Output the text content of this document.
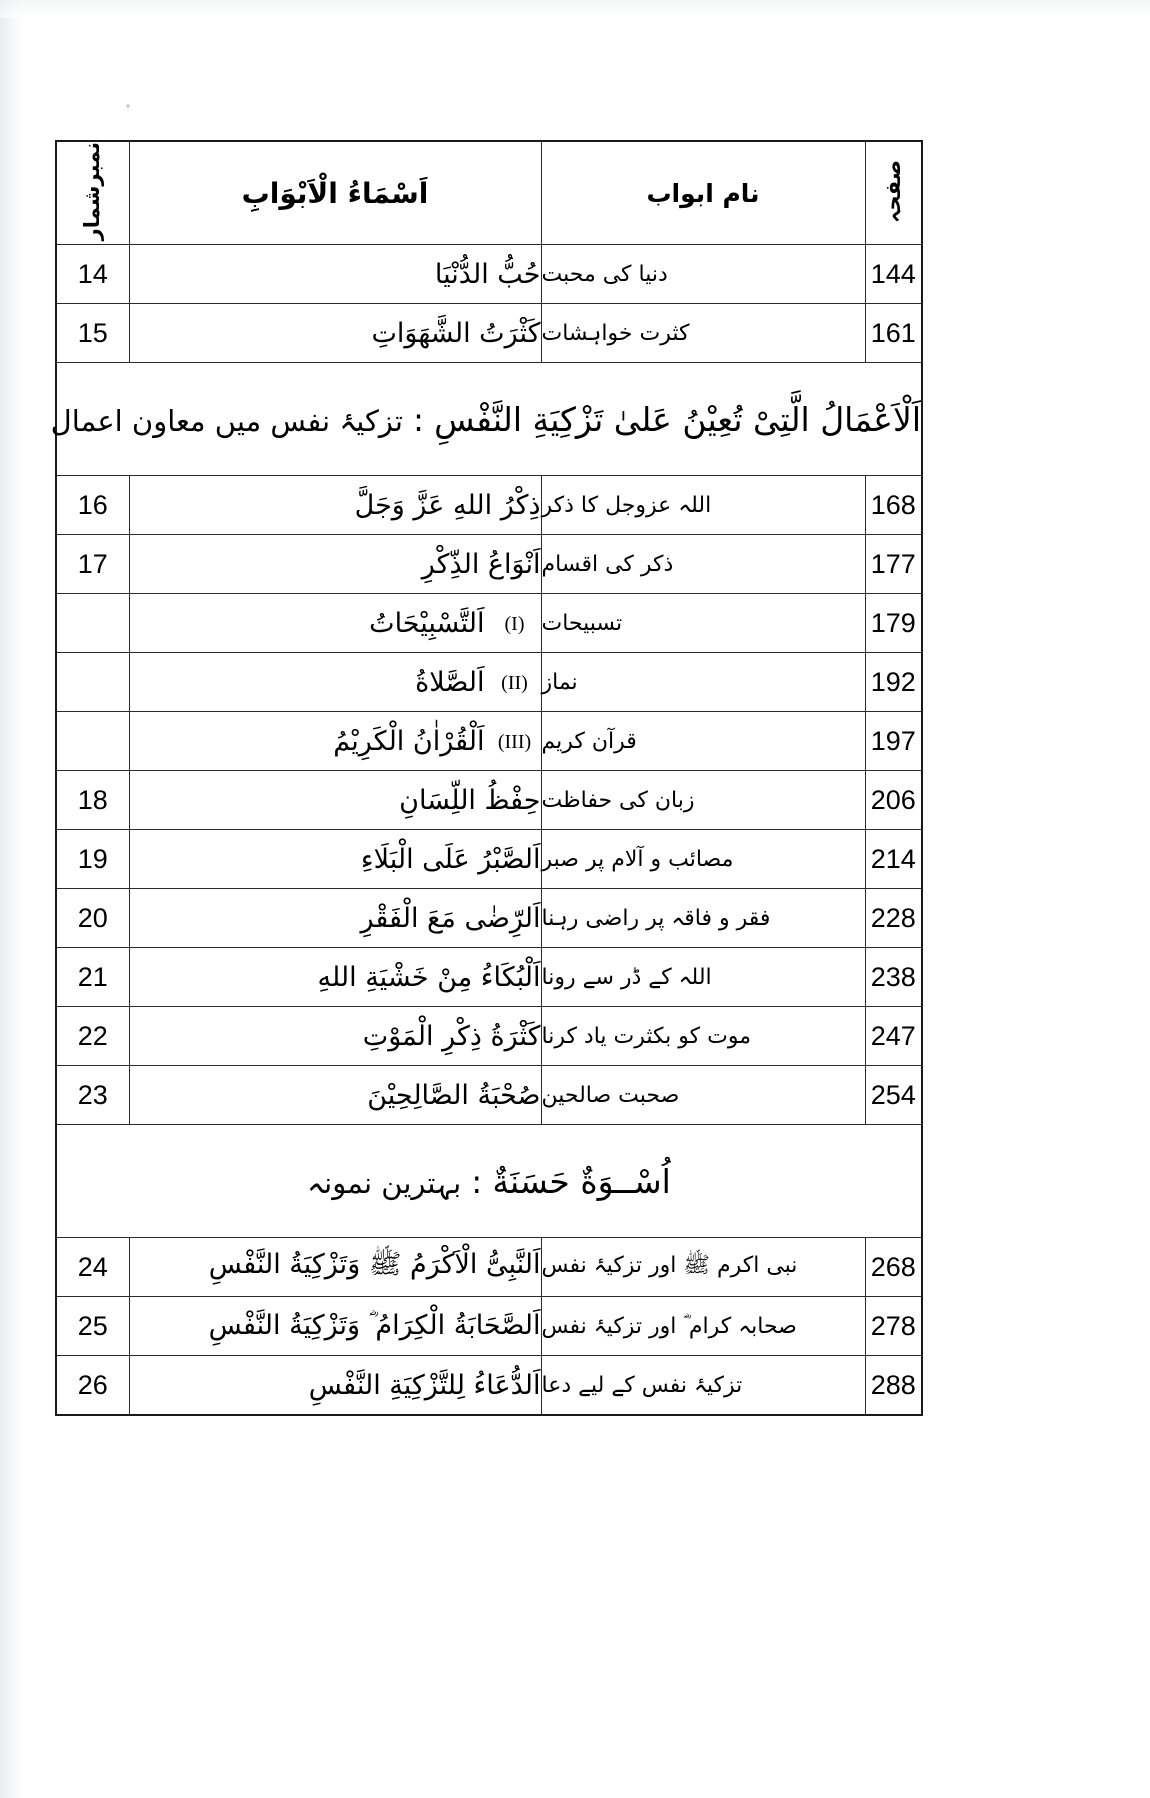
صفحہ	نام ابواب	اَسْمَاءُ الْاَبْوَابِ	نمبرشمار
144	دنیا کی محبت	حُبُّ الدُّنْيَا	14
161	کثرت خواہشات	كَثْرَتُ الشَّهَوَاتِ	15
اَلْاَعْمَالُ الَّتِىْ تُعِيْنُ عَلىٰ تَزْكِيَةِ النَّفْسِ : تزکیۂ نفس میں معاون اعمال			
168	اللہ عزوجل کا ذکر	ذِكْرُ اللهِ عَزَّ وَجَلَّ	16
177	ذکر کی اقسام	اَنْوَاعُ الذِّكْرِ	17
179	تسبیحات	اَلتَّسْبِيْحَاتُ (I)	
192	نماز	اَلصَّلاةُ (II)	
197	قرآن کریم	اَلْقُرْاٰنُ الْكَرِيْمُ (III)	
206	زبان کی حفاظت	حِفْظُ اللِّسَانِ	18
214	مصائب و آلام پر صبر	اَلصَّبْرُ عَلَى الْبَلَاءِ	19
228	فقر و فاقہ پر راضی رہنا	اَلرِّضٰى مَعَ الْفَقْرِ	20
238	اللہ کے ڈر سے رونا	اَلْبُكَاءُ مِنْ خَشْيَةِ اللهِ	21
247	موت کو بکثرت یاد کرنا	كَثْرَةُ ذِكْرِ الْمَوْتِ	22
254	صحبت صالحین	صُحْبَةُ الصَّالِحِيْنَ	23
اُسْــوَةٌ حَسَنَةٌ : بہترین نمونہ			
268	نبی اکرم ﷺ اور تزکیۂ نفس	اَلنَّبِىُّ الْاَكْرَمُ ﷺ وَتَزْكِيَةُ النَّفْسِ	24
278	صحابہ کرام ؓ اور تزکیۂ نفس	اَلصَّحَابَةُ الْكِرَامُ ؓ وَتَزْكِيَةُ النَّفْسِ	25
288	تزکیۂ نفس کے لیے دعا	اَلدُّعَاءُ لِلتَّزْكِيَةِ النَّفْسِ	26
